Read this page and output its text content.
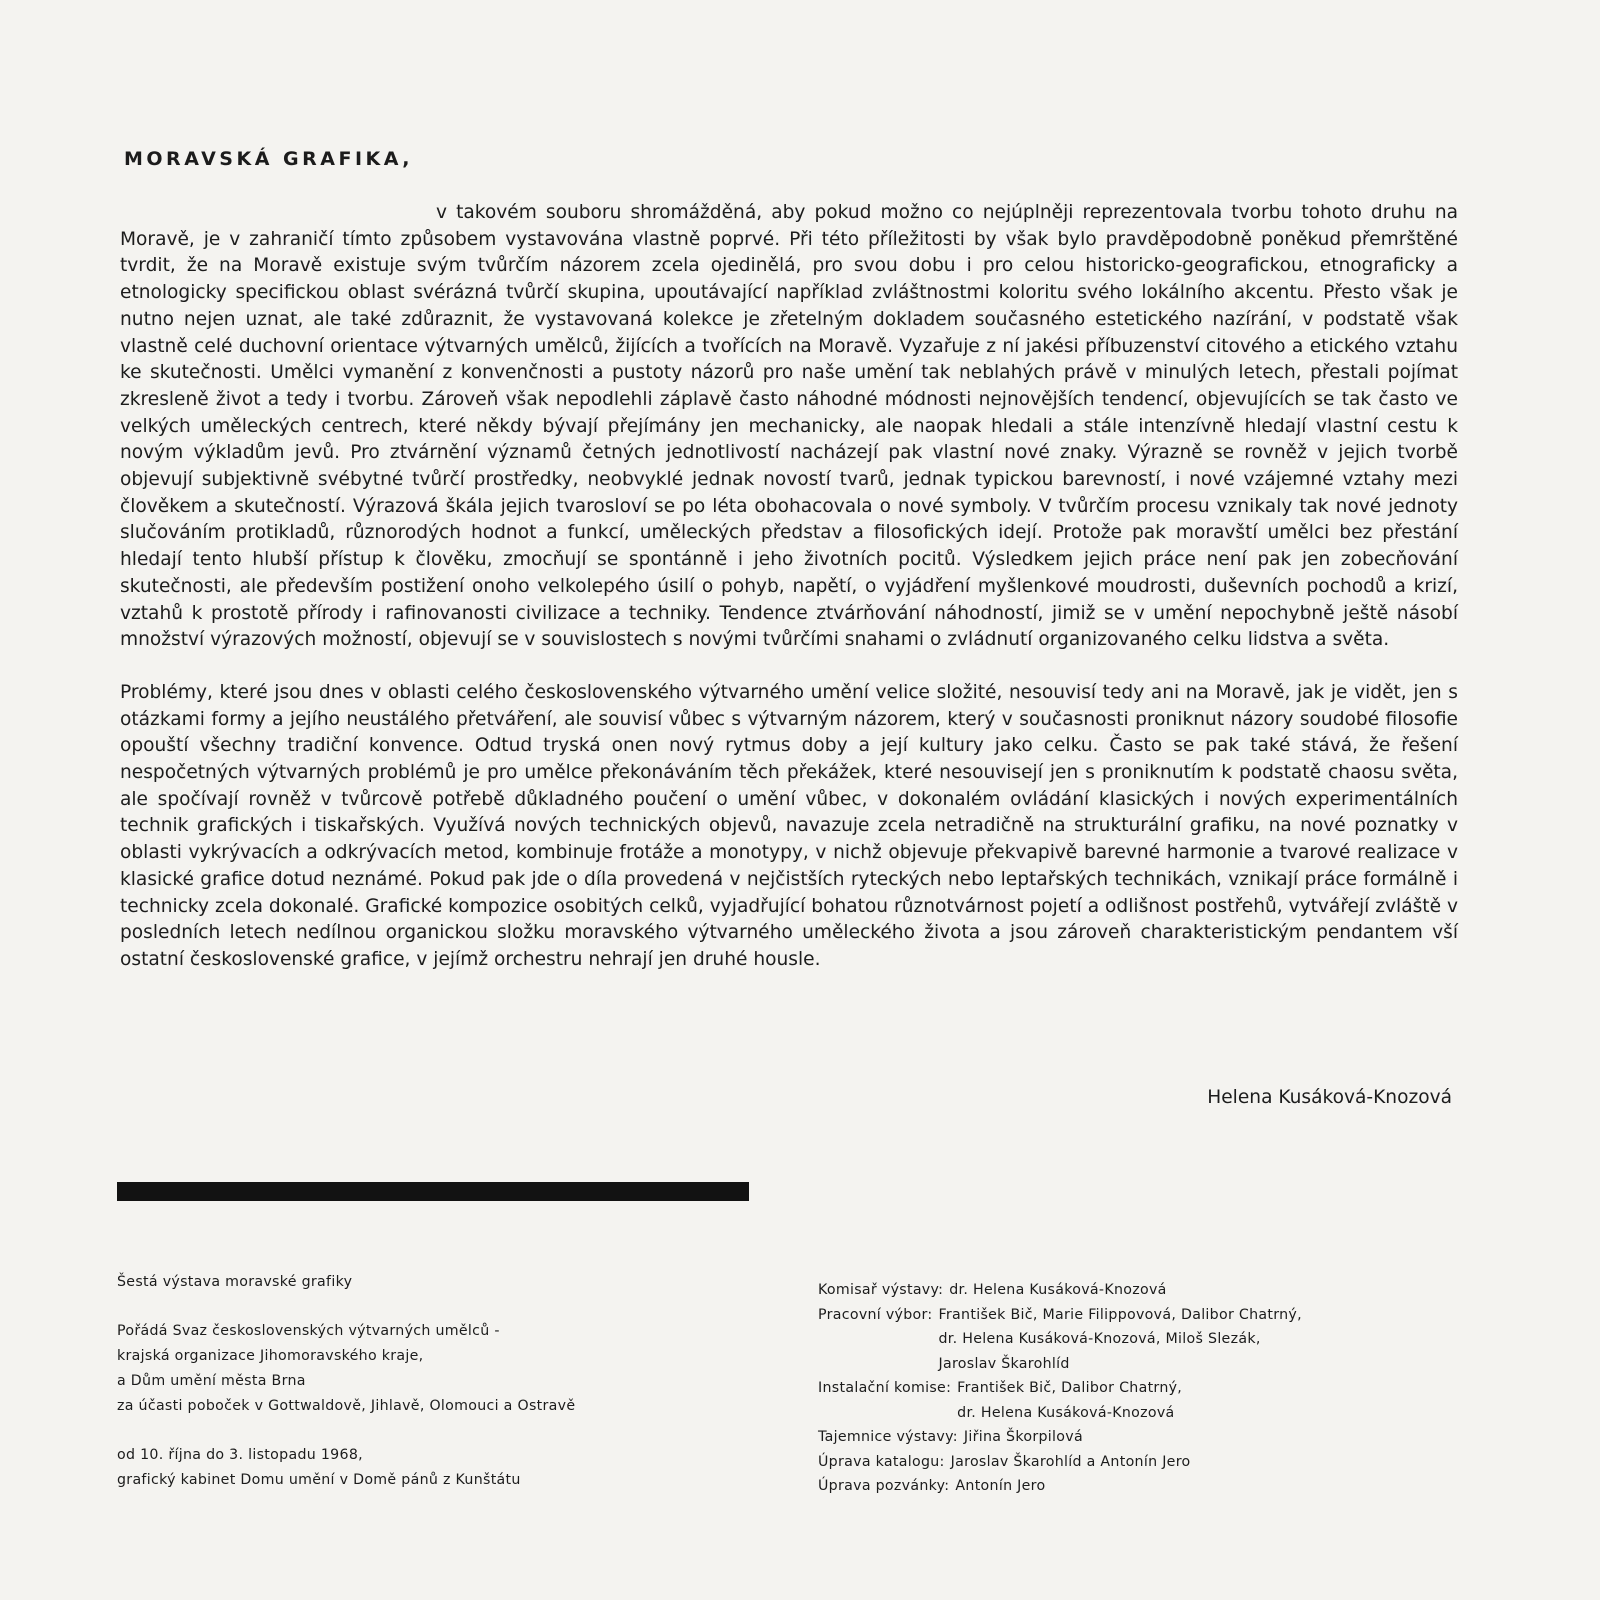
MORAVSKÁ GRAFIKA,

v takovém souboru shromážděná, aby pokud možno co nejúplněji reprezentovala tvorbu tohoto druhu na Moravě, je v zahraničí tímto způsobem vystavována vlastně poprvé. Při této příležitosti by však bylo pravděpodobně poněkud přemrštěné tvrdit, že na Moravě existuje svým tvůrčím názorem zcela ojedinělá, pro svou dobu i pro celou historicko-geografickou, etnograficky a etnologicky specifickou oblast svérázná tvůrčí skupina, upoutávající například zvláštnostmi koloritu svého lokálního akcentu. Přesto však je nutno nejen uznat, ale také zdůraznit, že vystavovaná kolekce je zřetelným dokladem současného estetického nazírání, v podstatě však vlastně celé duchovní orientace výtvarných umělců, žijících a tvořících na Moravě. Vyzařuje z ní jakési příbuzenství citového a etického vztahu ke skutečnosti. Umělci vymanění z konvenčnosti a pustoty názorů pro naše umění tak neblahých právě v minulých letech, přestali pojímat zkresleně život a tedy i tvorbu. Zároveň však nepodlehli záplavě často náhodné módnosti nejnovějších tendencí, objevujících se tak často ve velkých uměleckých centrech, které někdy bývají přejímány jen mechanicky, ale naopak hledali a stále intenzívně hledají vlastní cestu k novým výkladům jevů. Pro ztvárnění významů četných jednotlivostí nacházejí pak vlastní nové znaky. Výrazně se rovněž v jejich tvorbě objevují subjektivně svébytné tvůrčí prostředky, neobvyklé jednak novostí tvarů, jednak typickou barevností, i nové vzájemné vztahy mezi člověkem a skutečností. Výrazová škála jejich tvarosloví se po léta obohacovala o nové symboly. V tvůrčím procesu vznikaly tak nové jednoty slučováním protikladů, různorodých hodnot a funkcí, uměleckých představ a filosofických idejí. Protože pak moravští umělci bez přestání hledají tento hlubší přístup k člověku, zmocňují se spontánně i jeho životních pocitů. Výsledkem jejich práce není pak jen zobecňování skutečnosti, ale především postižení onoho velkolepého úsilí o pohyb, napětí, o vyjádření myšlenkové moudrosti, duševních pochodů a krizí, vztahů k prostotě přírody i rafinovanosti civilizace a techniky. Tendence ztvárňování náhodností, jimiž se v umění nepochybně ještě násobí množství výrazových možností, objevují se v souvislostech s novými tvůrčími snahami o zvládnutí organizovaného celku lidstva a světa.

Problémy, které jsou dnes v oblasti celého československého výtvarného umění velice složité, nesouvisí tedy ani na Moravě, jak je vidět, jen s otázkami formy a jejího neustálého přetváření, ale souvisí vůbec s výtvarným názorem, který v současnosti proniknut názory soudobé filosofie opouští všechny tradiční konvence. Odtud tryská onen nový rytmus doby a její kultury jako celku. Často se pak také stává, že řešení nespočetných výtvarných problémů je pro umělce překonáváním těch překážek, které nesouvisejí jen s proniknutím k podstatě chaosu světa, ale spočívají rovněž v tvůrcově potřebě důkladného poučení o umění vůbec, v dokonalém ovládání klasických i nových experimentálních technik grafických i tiskařských. Využívá nových technických objevů, navazuje zcela netradičně na strukturální grafiku, na nové poznatky v oblasti vykrývacích a odkrývacích metod, kombinuje frotáže a monotypy, v nichž objevuje překvapivě barevné harmonie a tvarové realizace v klasické grafice dotud neznámé. Pokud pak jde o díla provedená v nejčistších ryteckých nebo leptařských technikách, vznikají práce formálně i technicky zcela dokonalé. Grafické kompozice osobitých celků, vyjadřující bohatou různotvárnost pojetí a odlišnost postřehů, vytvářejí zvláště v posledních letech nedílnou organickou složku moravského výtvarného uměleckého života a jsou zároveň charakteristickým pendantem vší ostatní československé grafice, v jejímž orchestru nehrají jen druhé housle.

Helena Kusáková-Knozová
Šestá výstava moravské grafiky
Pořádá Svaz československých výtvarných umělců -
krajská organizace Jihomoravského kraje,
a Dům umění města Brna
za účasti poboček v Gottwaldově, Jihlavě, Olomouci a Ostravě
od 10. října do 3. listopadu 1968,
grafický kabinet Domu umění v Domě pánů z Kunštátu
Komisař výstavy: dr. Helena Kusáková-Knozová
Pracovní výbor: František Bič, Marie Filippovová, Dalibor Chatrný,
dr. Helena Kusáková-Knozová, Miloš Slezák,
Jaroslav Škarohlíd
Instalační komise: František Bič, Dalibor Chatrný,
dr. Helena Kusáková-Knozová
Tajemnice výstavy: Jiřina Škorpilová
Úprava katalogu: Jaroslav Škarohlíd a Antonín Jero
Úprava pozvánky: Antonín Jero
